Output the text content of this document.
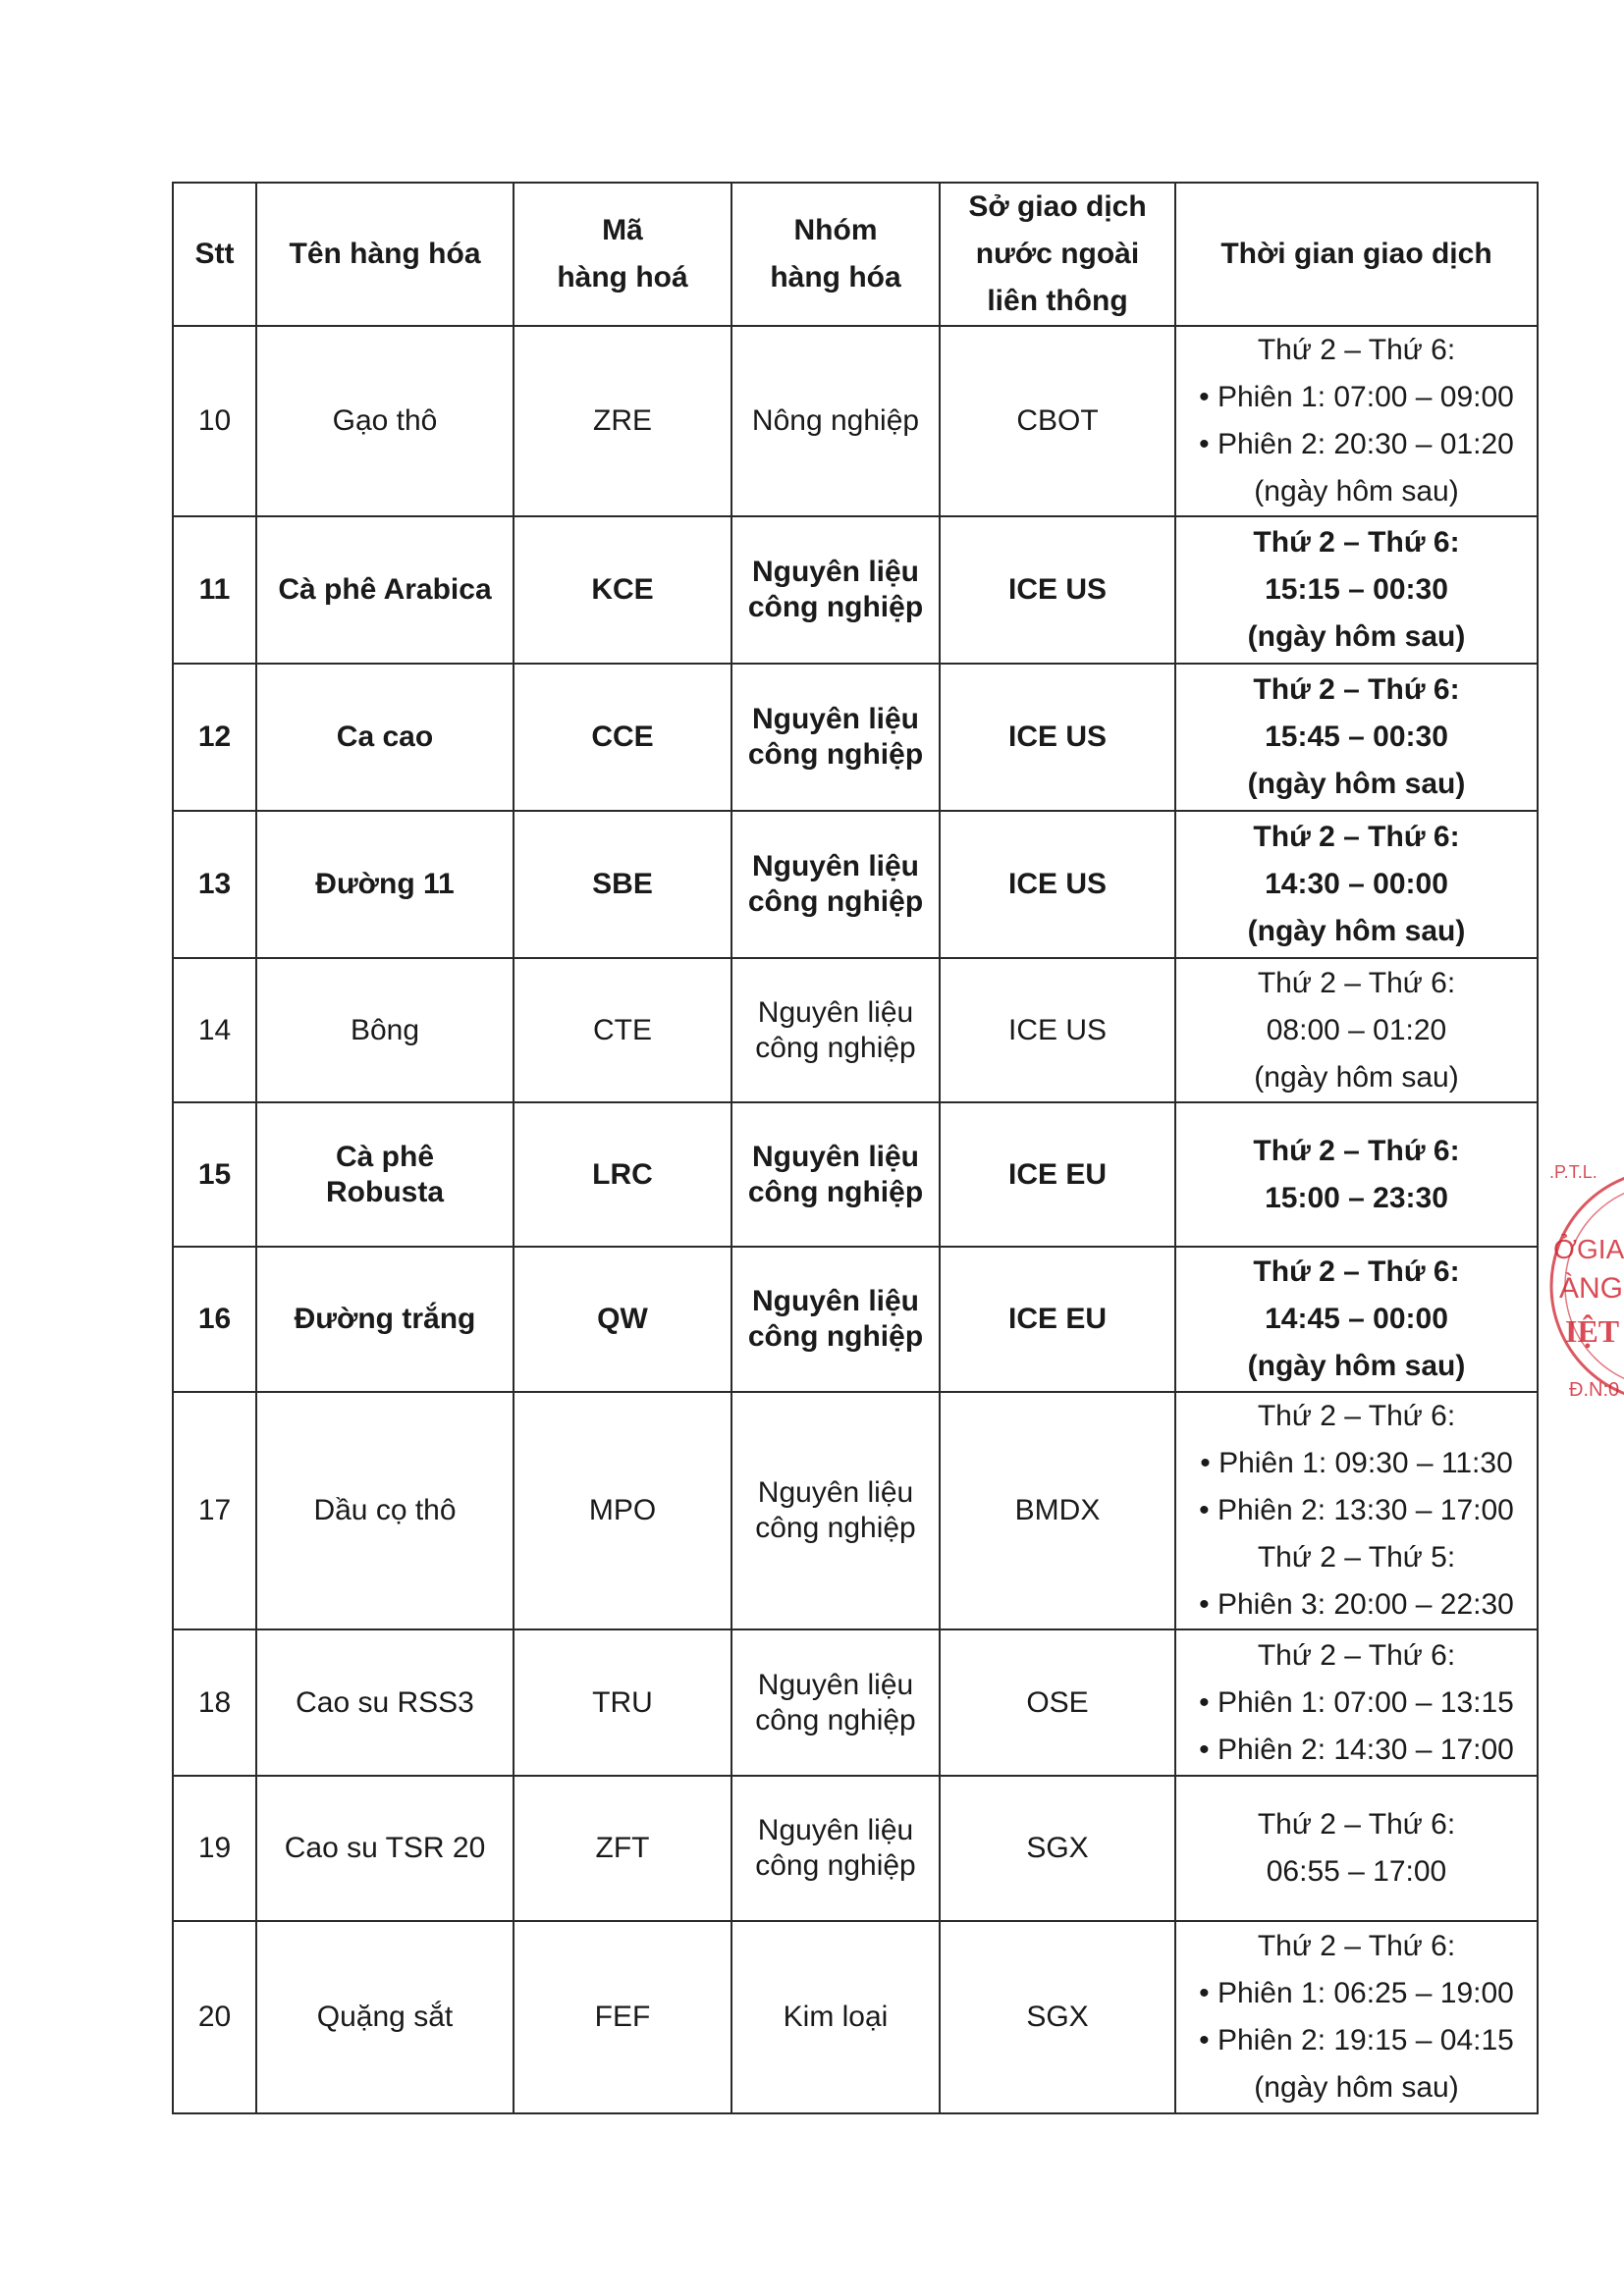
Stt	Tên hàng hóa	Mã
hàng hoá	Nhóm
hàng hóa	Sở giao dịch
nước ngoài
liên thông	Thời gian giao dịch

10	Gạo thô	ZRE	Nông nghiệp	CBOT	Thứ 2 – Thứ 6:
• Phiên 1: 07:00 – 09:00
• Phiên 2: 20:30 – 01:20
(ngày hôm sau)

11	Cà phê Arabica	KCE	Nguyên liệu
công nghiệp	ICE US	Thứ 2 – Thứ 6:
15:15 – 00:30
(ngày hôm sau)

12	Ca cao	CCE	Nguyên liệu
công nghiệp	ICE US	Thứ 2 – Thứ 6:
15:45 – 00:30
(ngày hôm sau)

13	Đường 11	SBE	Nguyên liệu
công nghiệp	ICE US	Thứ 2 – Thứ 6:
14:30 – 00:00
(ngày hôm sau)

14	Bông	CTE	Nguyên liệu
công nghiệp	ICE US	Thứ 2 – Thứ 6:
08:00 – 01:20
(ngày hôm sau)

15	Cà phê
Robusta	LRC	Nguyên liệu
công nghiệp	ICE EU	Thứ 2 – Thứ 6:
15:00 – 23:30

16	Đường trắng	QW	Nguyên liệu
công nghiệp	ICE EU	Thứ 2 – Thứ 6:
14:45 – 00:00
(ngày hôm sau)

17	Dầu cọ thô	MPO	Nguyên liệu
công nghiệp	BMDX	Thứ 2 – Thứ 6:
• Phiên 1: 09:30 – 11:30
• Phiên 2: 13:30 – 17:00
Thứ 2 – Thứ 5:
• Phiên 3: 20:00 – 22:30

18	Cao su RSS3	TRU	Nguyên liệu
công nghiệp	OSE	Thứ 2 – Thứ 6:
• Phiên 1: 07:00 – 13:15
• Phiên 2: 14:30 – 17:00

19	Cao su TSR 20	ZFT	Nguyên liệu
công nghiệp	SGX	Thứ 2 – Thứ 6:
06:55 – 17:00

20	Quặng sắt	FEF	Kim loại	SGX	Thứ 2 – Thứ 6:
• Phiên 1: 06:25 – 19:00
• Phiên 2: 19:15 – 04:15
(ngày hôm sau)
.P.T.L.
ỞGIA
ÀNG
IỆT
Đ.N:0
